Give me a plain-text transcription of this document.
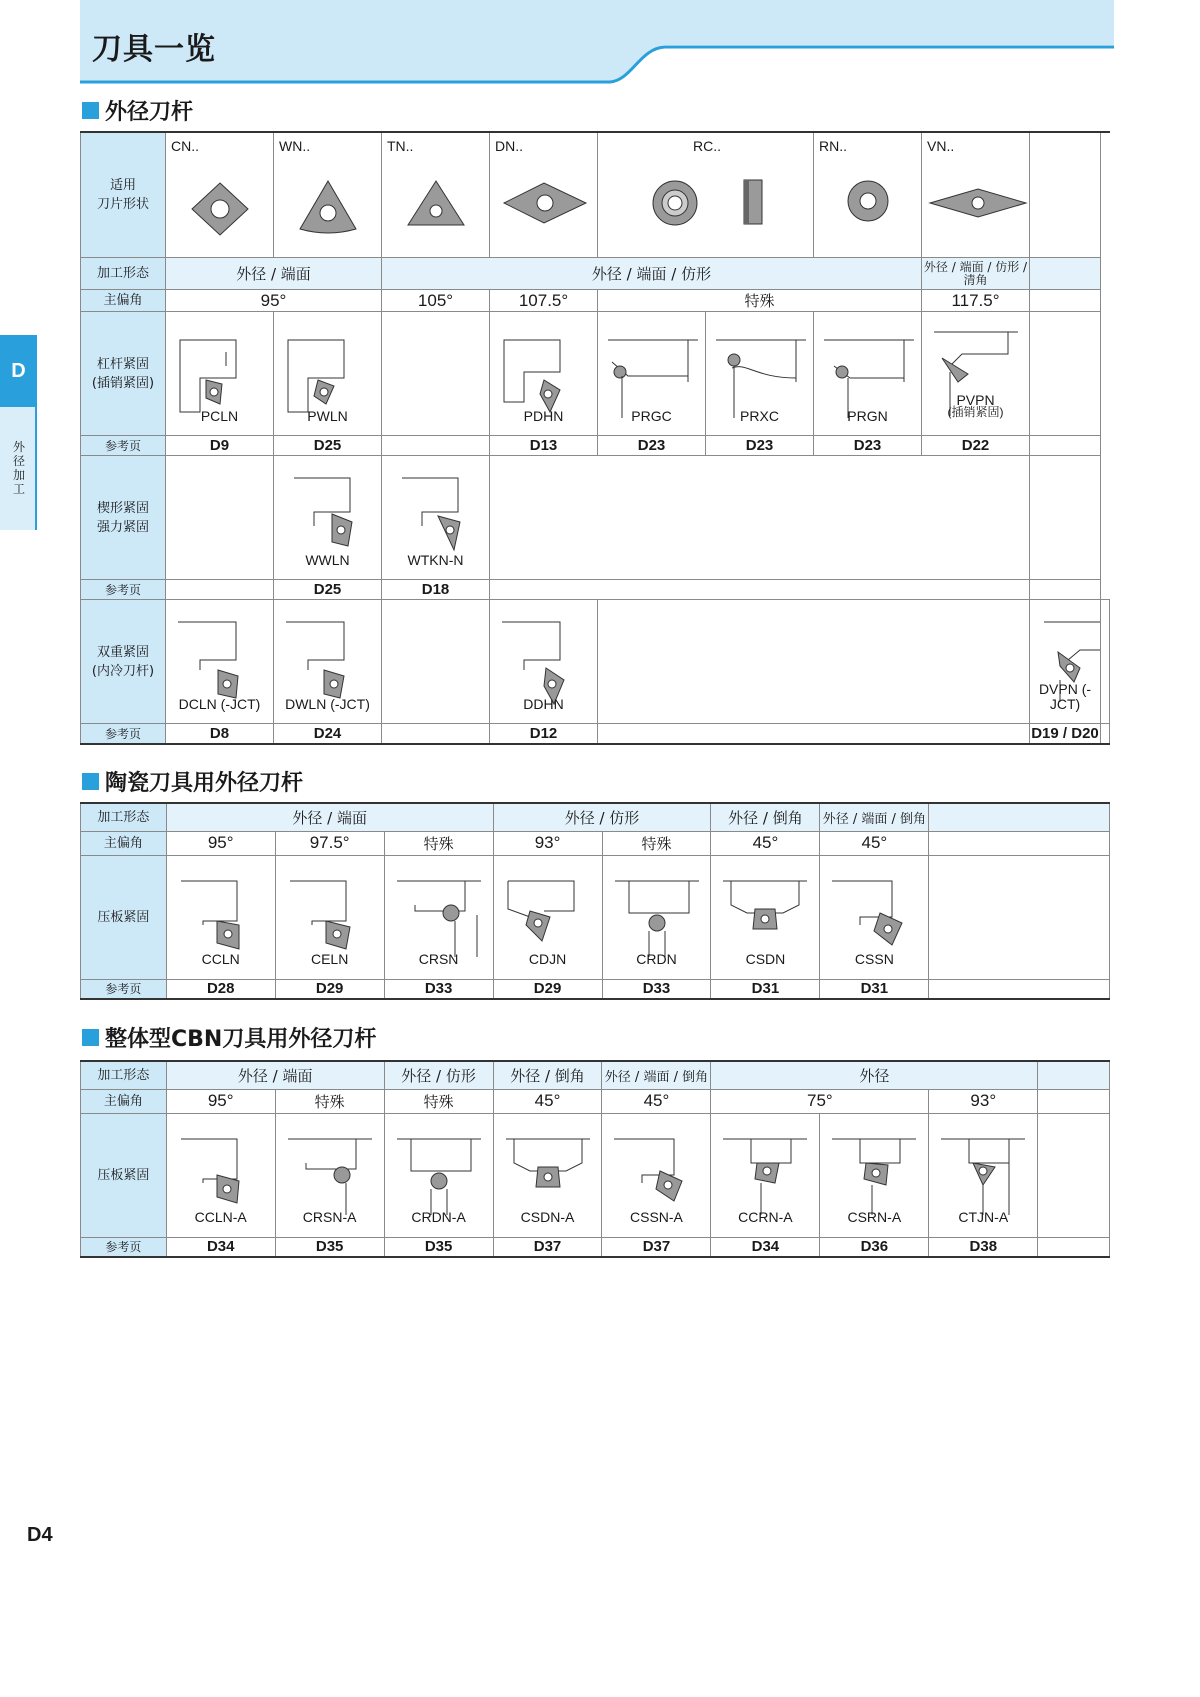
刀具一览
D
外径加工
外径刀杆
适用
刀片形状	CN..	WN..	TN..	DN..	RC..		RN..	VN..		

加工形态	外径 / 端面		外径 / 端面 / 仿形					外径 / 端面 / 仿形 / 清角		
主偏角	95°		105°	107.5°	特殊			117.5°		
杠杆紧固
(插销紧固)	PCLN	PWLN		PDHN	PRGC	PRXC	PRGN	PVPN
(插销紧固)		

参考页	D9	D25		D13	D23	D23	D23	D22		
楔形紧固
强力紧固		WWLN	WTKN-N							

参考页		D25	D18							
双重紧固
(内冷刀杆)	DCLN (-JCT)	DWLN (-JCT)		DDHN					DVPN (-JCT)	

参考页	D8	D24		D12					D19 / D20	
陶瓷刀具用外径刀杆
加工形态	外径 / 端面			外径 / 仿形		外径 / 倒角	外径 / 端面 / 倒角	
主偏角	95°	97.5°	特殊	93°	特殊	45°	45°	
压板紧固	CCLN	CELN	CRSN	CDJN	CRDN	CSDN	CSSN	

参考页	D28	D29	D33	D29	D33	D31	D31	
整体型CBN刀具用外径刀杆
加工形态	外径 / 端面		外径 / 仿形	外径 / 倒角	外径 / 端面 / 倒角	外径			
主偏角	95°	特殊	特殊	45°	45°	75°		93°	
压板紧固	CCLN-A	CRSN-A	CRDN-A	CSDN-A	CSSN-A	CCRN-A	CSRN-A	CTJN-A	

参考页	D34	D35	D35	D37	D37	D34	D36	D38	
D4
